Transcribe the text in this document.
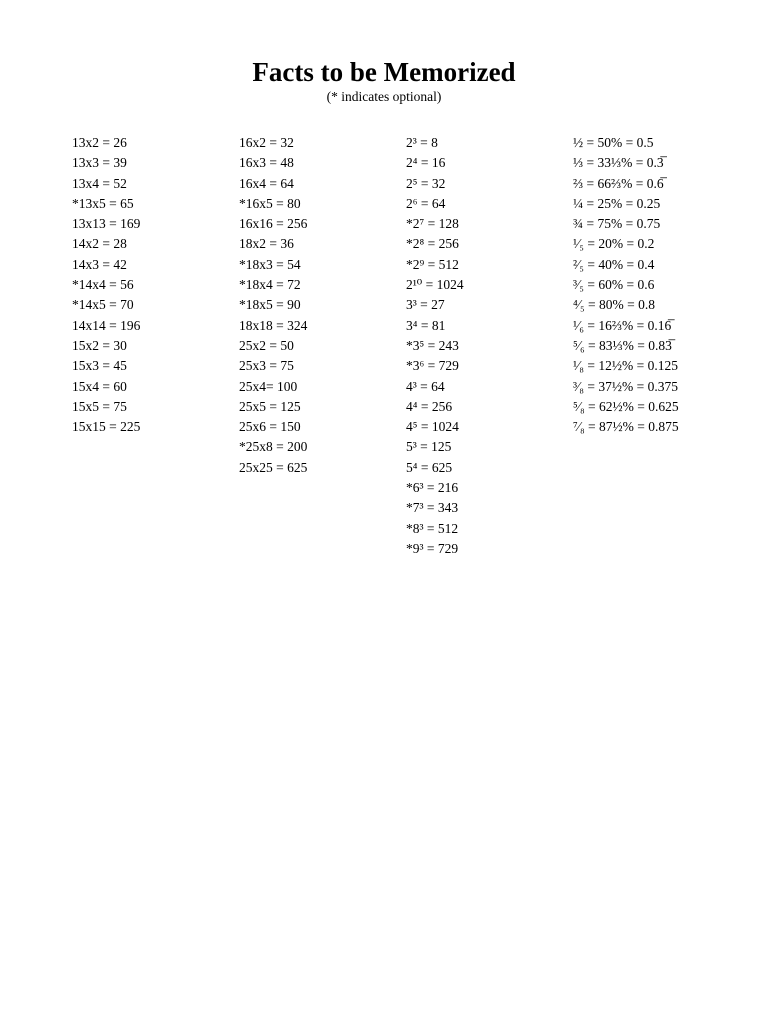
Facts to be Memorized
(* indicates optional)
13x2 = 26
13x3 = 39
13x4 = 52
*13x5 = 65
13x13 = 169
14x2 = 28
14x3 = 42
*14x4 = 56
*14x5 = 70
14x14 = 196
15x2 = 30
15x3 = 45
15x4 = 60
15x5 = 75
15x15 = 225
16x2 = 32
16x3 = 48
16x4 = 64
*16x5 = 80
16x16 = 256
18x2 = 36
*18x3 = 54
*18x4 = 72
*18x5 = 90
18x18 = 324
25x2 = 50
25x3 = 75
25x4= 100
25x5 = 125
25x6 = 150
*25x8 = 200
25x25 = 625
2³ = 8
2⁴ = 16
2⁵ = 32
2⁶ = 64
*2⁷ = 128
*2⁸ = 256
*2⁹ = 512
2¹⁰ = 1024
3³ = 27
3⁴ = 81
*3⁵ = 243
*3⁶ = 729
4³ = 64
4⁴ = 256
4⁵ = 1024
5³ = 125
5⁴ = 625
*6³ = 216
*7³ = 343
*8³ = 512
*9³ = 729
½ = 50% = 0.5
⅓ = 33⅓% = 0.3̅
⅔ = 66⅔% = 0.6̅
¼ = 25% = 0.25
¾ = 75% = 0.75
¹⁄₅ = 20% = 0.2
²⁄₅ = 40% = 0.4
³⁄₅ = 60% = 0.6
⁴⁄₅ = 80% = 0.8
¹⁄₆ = 16⅔% = 0.16̅
⁵⁄₆ = 83⅓% = 0.83̅
¹⁄₈ = 12½% = 0.125
³⁄₈ = 37½% = 0.375
⁵⁄₈ = 62½% = 0.625
⁷⁄₈ = 87½% = 0.875
